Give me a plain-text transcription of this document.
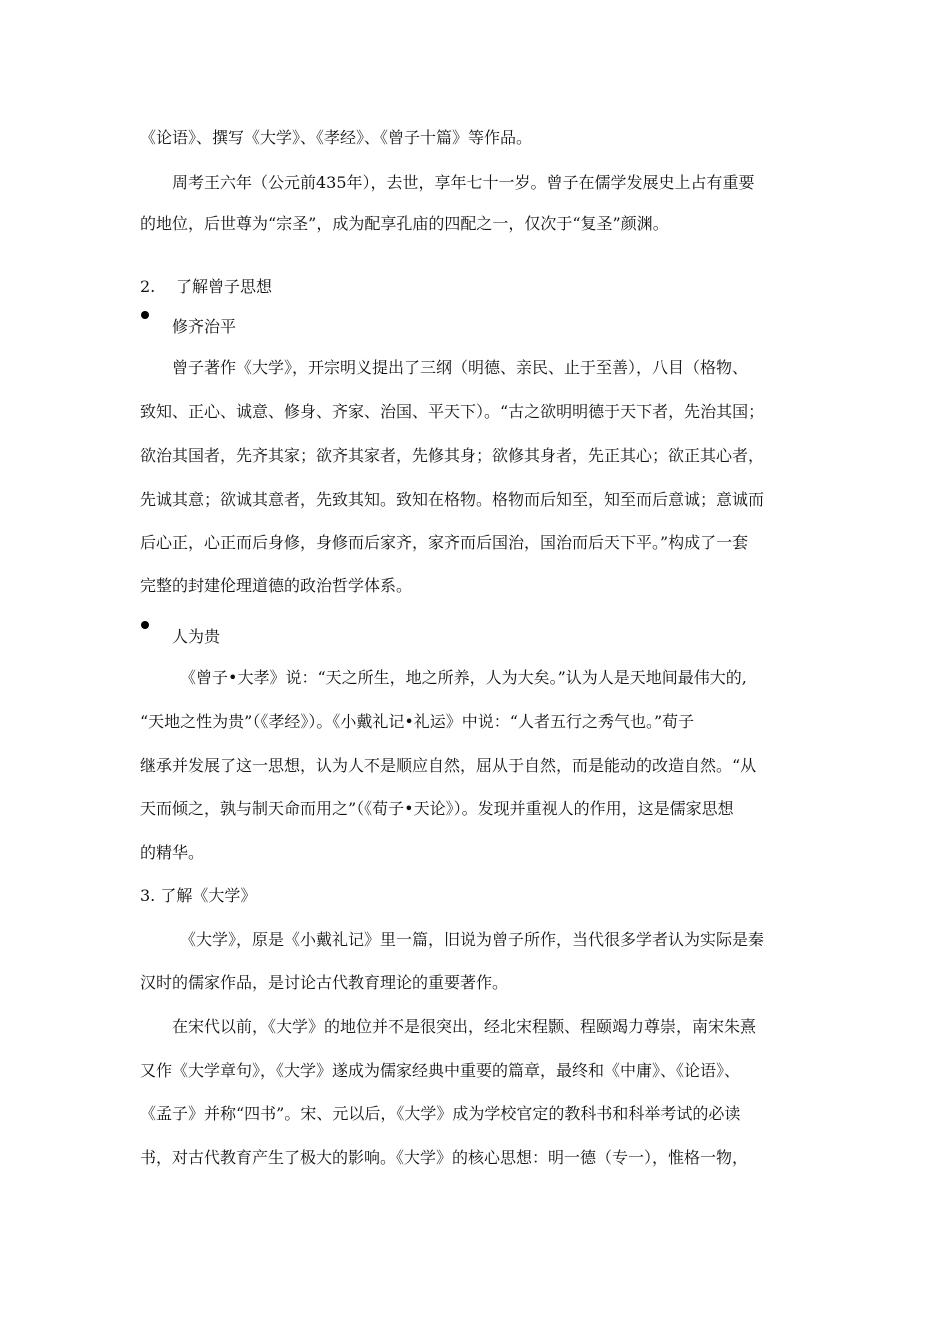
《论语》、撰写《大学》、《孝经》、《曾子十篇》等作品。
周考王六年（公元前435年），去世，享年七十一岁。曾子在儒学发展史上占有重要
的地位，后世尊为“宗圣”，成为配享孔庙的四配之一，仅次于“复圣”颜渊。
2. 了解曾子思想
修齐治平
曾子著作《大学》，开宗明义提出了三纲（明德、亲民、止于至善），八目（格物、
致知、正心、诚意、修身、齐家、治国、平天下）。“古之欲明明德于天下者，先治其国；
欲治其国者，先齐其家；欲齐其家者，先修其身；欲修其身者，先正其心；欲正其心者，
先诚其意；欲诚其意者，先致其知。致知在格物。格物而后知至，知至而后意诚；意诚而
后心正，心正而后身修，身修而后家齐，家齐而后国治，国治而后天下平。”构成了一套
完整的封建伦理道德的政治哲学体系。
人为贵
《曾子•大孝》说：“天之所生，地之所养，人为大矣。”认为人是天地间最伟大的,
“天地之性为贵”（《孝经》）。《小戴礼记•礼运》中说：“人者五行之秀气也。”荀子
继承并发展了这一思想，认为人不是顺应自然，屈从于自然，而是能动的改造自然。“从
天而倾之，孰与制天命而用之”（《荀子•天论》）。发现并重视人的作用，这是儒家思想
的精华。
3. 了解《大学》
《大学》，原是《小戴礼记》里一篇，旧说为曾子所作，当代很多学者认为实际是秦
汉时的儒家作品，是讨论古代教育理论的重要著作。
在宋代以前，《大学》的地位并不是很突出，经北宋程颢、程颐竭力尊崇，南宋朱熹
又作《大学章句》，《大学》遂成为儒家经典中重要的篇章，最终和《中庸》、《论语》、
《孟子》并称“四书”。宋、元以后，《大学》成为学校官定的教科书和科举考试的必读
书，对古代教育产生了极大的影响。《大学》的核心思想：明一德（专一），惟格一物，
